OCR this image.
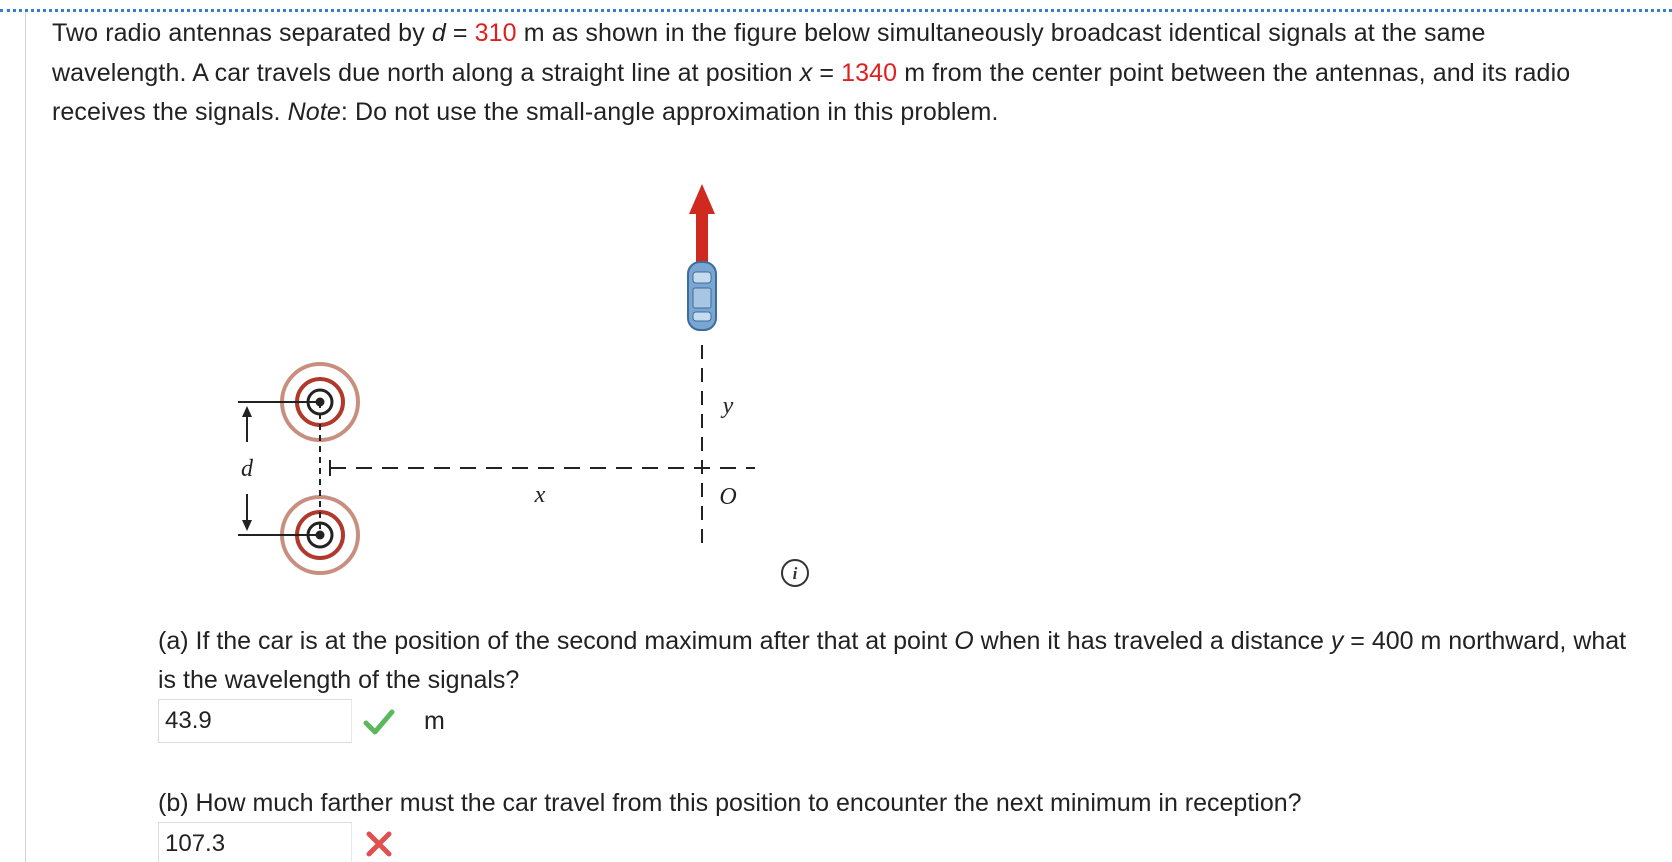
Two radio antennas separated by d = 310 m as shown in the figure below simultaneously broadcast identical signals at the same wavelength. A car travels due north along a straight line at position x = 1340 m from the center point between the antennas, and its radio receives the signals. Note: Do not use the small-angle approximation in this problem.
d
x
y
O
i
(a) If the car is at the position of the second maximum after that at point O when it has traveled a distance y = 400 m northward, what is the wavelength of the signals?
43.9
m
(b) How much farther must the car travel from this position to encounter the next minimum in reception?
107.3
